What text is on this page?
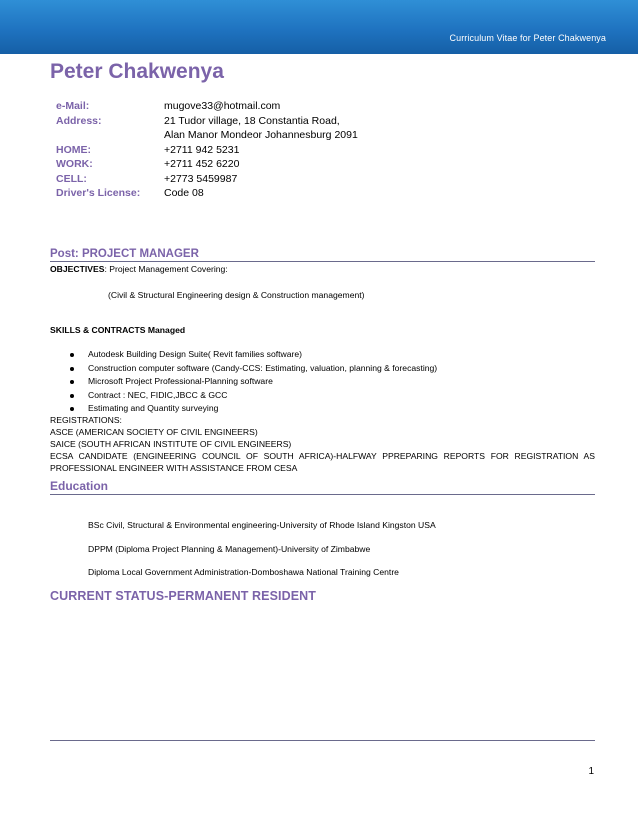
Curriculum Vitae for Peter Chakwenya
Peter Chakwenya
e-Mail:	mugove33@hotmail.com
Address:	21 Tudor village, 18 Constantia Road,
Alan Manor Mondeor Johannesburg 2091
HOME:	+2711 942 5231
WORK:	+2711 452 6220
CELL:	+2773 5459987
Driver's License:	Code 08
Post: PROJECT MANAGER
OBJECTIVES: Project Management Covering:
(Civil & Structural Engineering design & Construction management)
SKILLS & CONTRACTS Managed
Autodesk Building Design Suite( Revit families software)
Construction computer software (Candy-CCS: Estimating, valuation, planning & forecasting)
Microsoft Project Professional-Planning software
Contract : NEC, FIDIC,JBCC & GCC
Estimating and Quantity surveying
REGISTRATIONS:
ASCE (AMERICAN SOCIETY OF CIVIL ENGINEERS)
SAICE (SOUTH AFRICAN INSTITUTE OF CIVIL ENGINEERS)
ECSA CANDIDATE (ENGINEERING COUNCIL OF SOUTH AFRICA)-HALFWAY PPREPARING REPORTS FOR REGISTRATION AS PROFESSIONAL ENGINEER WITH ASSISTANCE FROM CESA
Education
BSc Civil, Structural & Environmental engineering-University of Rhode Island Kingston USA
DPPM (Diploma Project Planning & Management)-University of Zimbabwe
Diploma Local Government Administration-Domboshawa National Training Centre
CURRENT STATUS-PERMANENT RESIDENT
1
